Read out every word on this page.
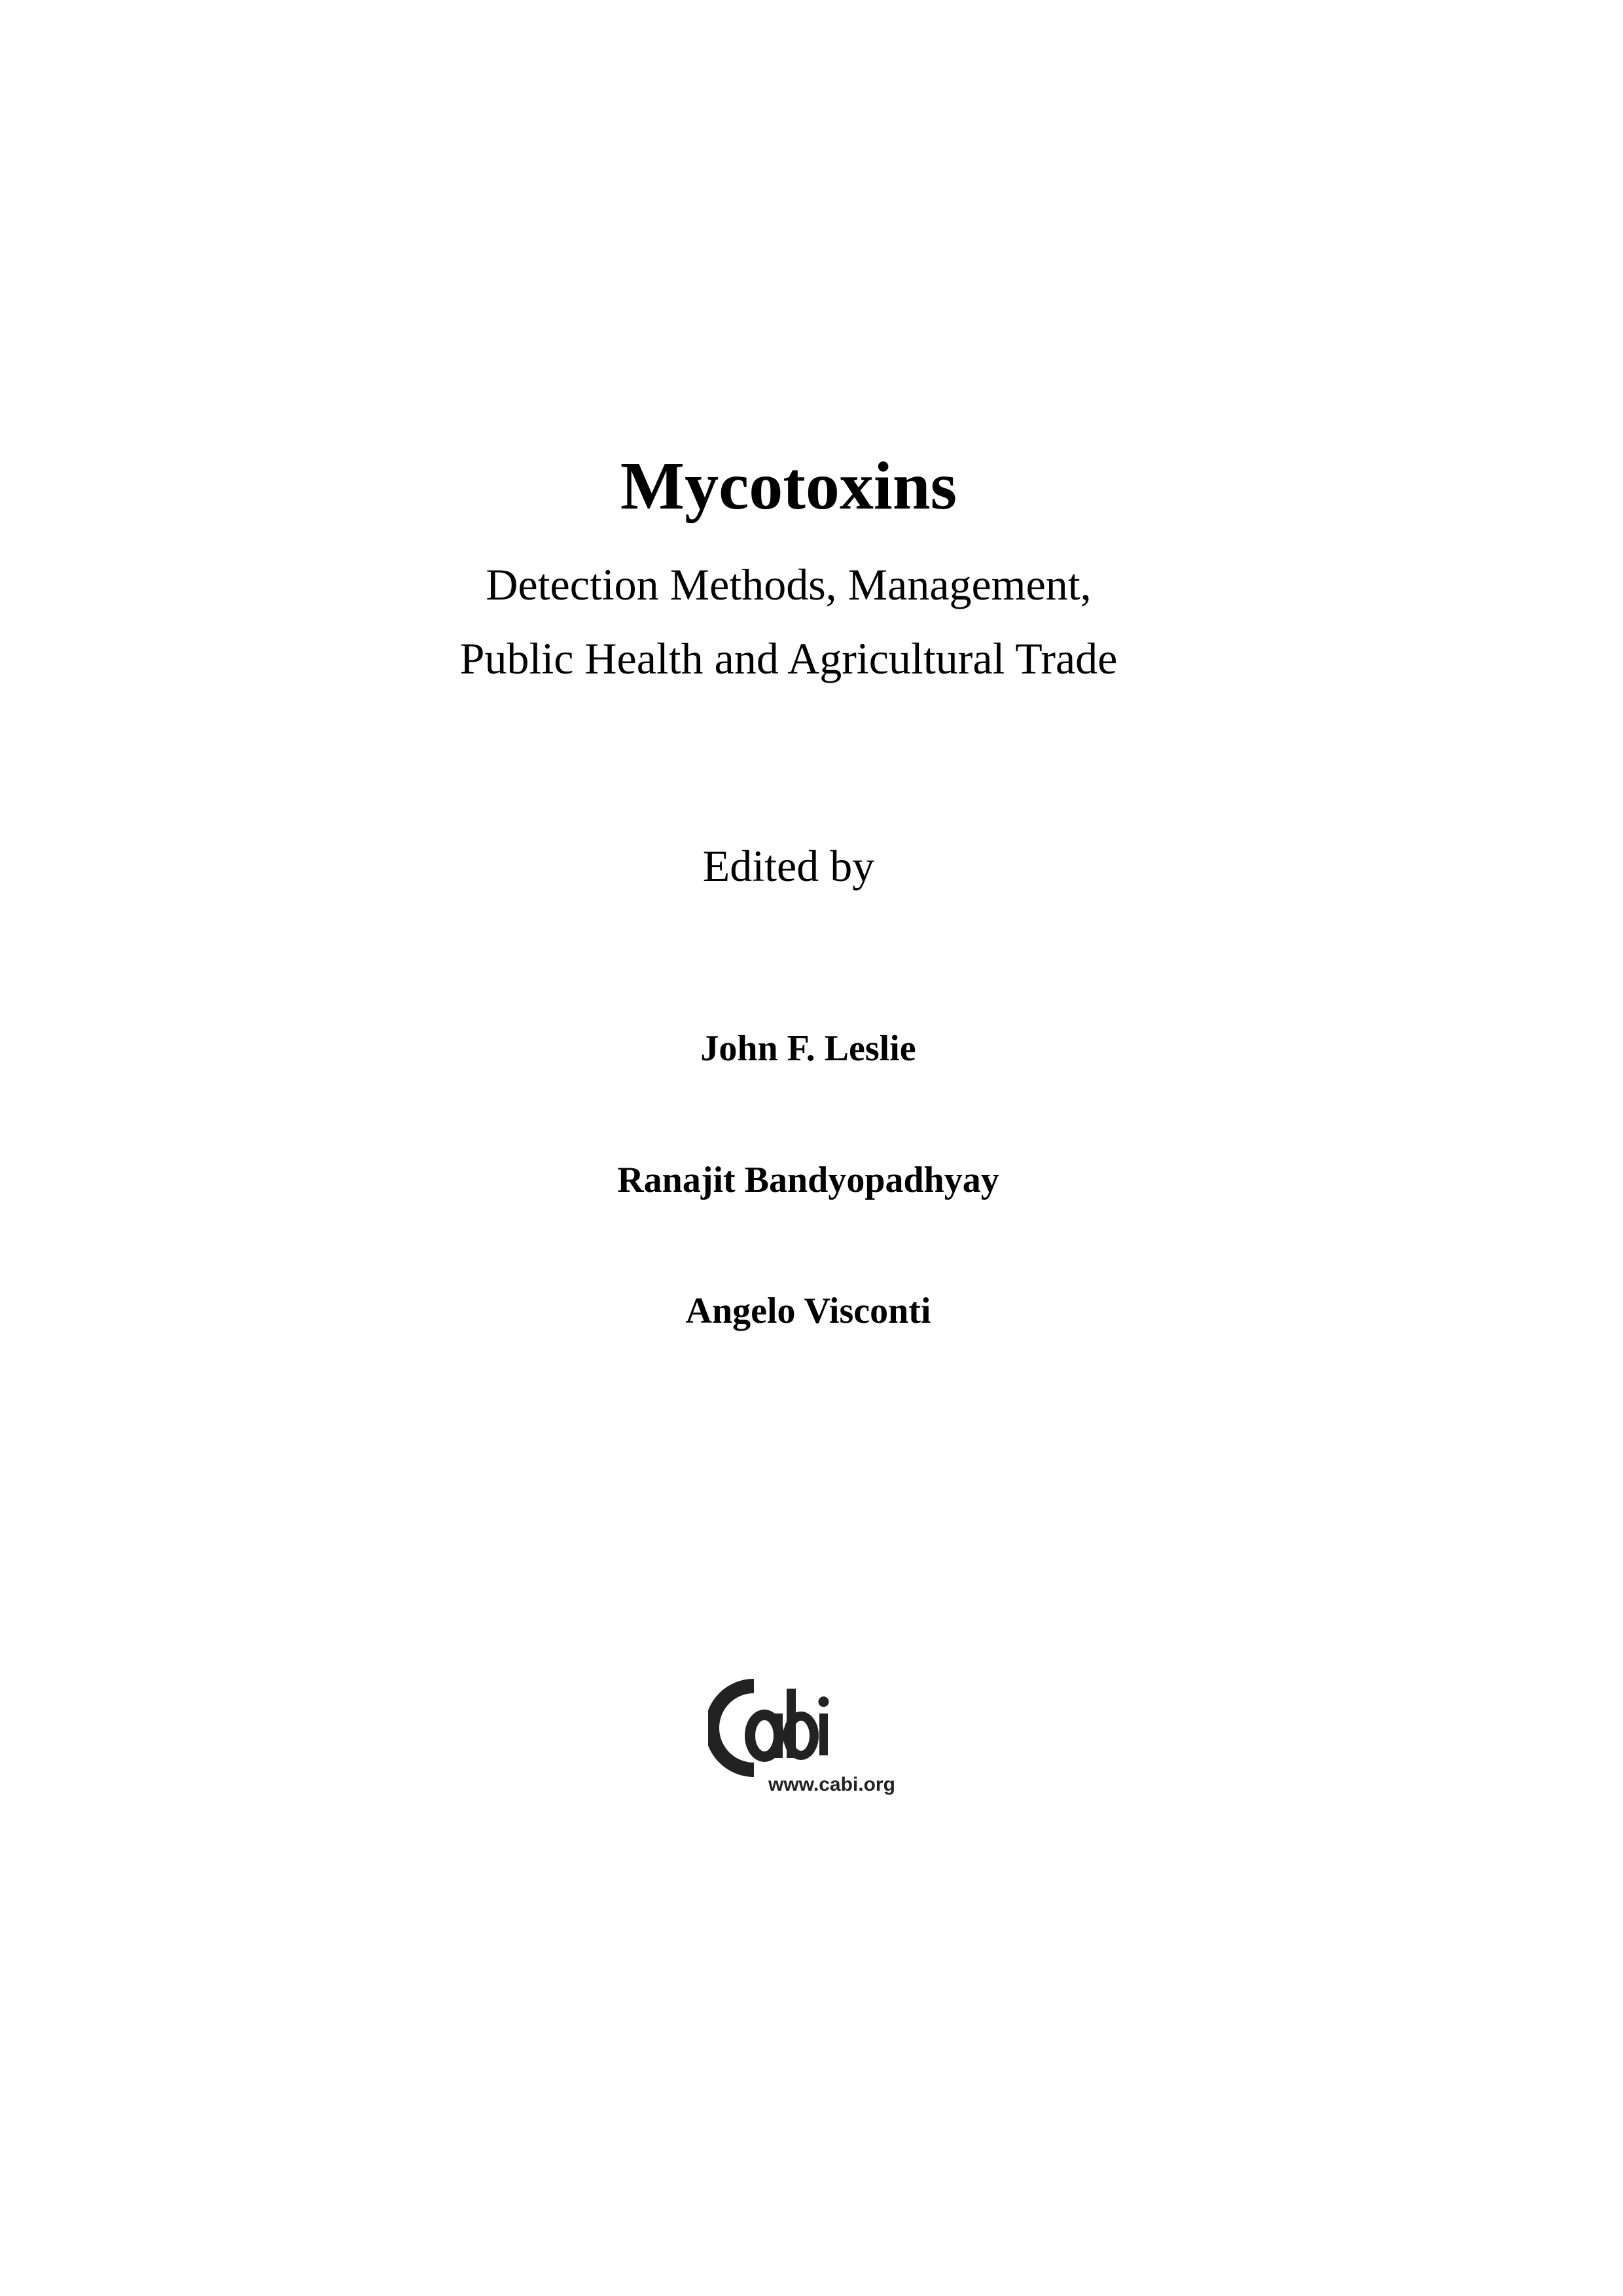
Mycotoxins
Detection Methods, Management,
Public Health and Agricultural Trade
Edited by
John F. Leslie
Ranajit Bandyopadhyay
Angelo Visconti
www.cabi.org
